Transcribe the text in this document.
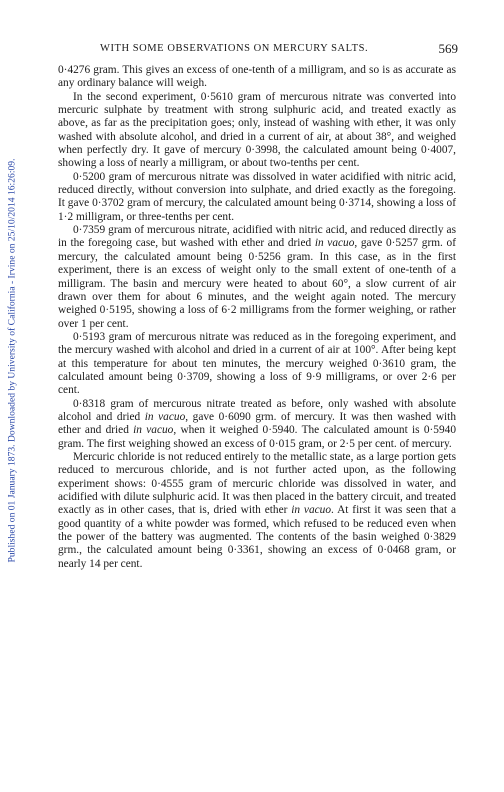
Published on 01 January 1873. Downloaded by University of California - Irvine on 25/10/2014 16:26:09.
WITH SOME OBSERVATIONS ON MERCURY SALTS.	569

0·4276 gram. This gives an excess of one-tenth of a milligram, and so is as accurate as any ordinary balance will weigh.

In the second experiment, 0·5610 gram of mercurous nitrate was converted into mercuric sulphate by treatment with strong sulphuric acid, and treated exactly as above, as far as the precipitation goes; only, instead of washing with ether, it was only washed with absolute alcohol, and dried in a current of air, at about 38°, and weighed when perfectly dry. It gave of mercury 0·3998, the calculated amount being 0·4007, showing a loss of nearly a milligram, or about two-tenths per cent.

0·5200 gram of mercurous nitrate was dissolved in water acidified with nitric acid, reduced directly, without conversion into sulphate, and dried exactly as the foregoing. It gave 0·3702 gram of mercury, the calculated amount being 0·3714, showing a loss of 1·2 milligram, or three-tenths per cent.

0·7359 gram of mercurous nitrate, acidified with nitric acid, and reduced directly as in the foregoing case, but washed with ether and dried in vacuo, gave 0·5257 grm. of mercury, the calculated amount being 0·5256 gram. In this case, as in the first experiment, there is an excess of weight only to the small extent of one-tenth of a milligram. The basin and mercury were heated to about 60°, a slow current of air drawn over them for about 6 minutes, and the weight again noted. The mercury weighed 0·5195, showing a loss of 6·2 milligrams from the former weighing, or rather over 1 per cent.

0·5193 gram of mercurous nitrate was reduced as in the foregoing experiment, and the mercury washed with alcohol and dried in a current of air at 100°. After being kept at this temperature for about ten minutes, the mercury weighed 0·3610 gram, the calculated amount being 0·3709, showing a loss of 9·9 milligrams, or over 2·6 per cent.

0·8318 gram of mercurous nitrate treated as before, only washed with absolute alcohol and dried in vacuo, gave 0·6090 grm. of mercury. It was then washed with ether and dried in vacuo, when it weighed 0·5940. The calculated amount is 0·5940 gram. The first weighing showed an excess of 0·015 gram, or 2·5 per cent. of mercury.

Mercuric chloride is not reduced entirely to the metallic state, as a large portion gets reduced to mercurous chloride, and is not further acted upon, as the following experiment shows: 0·4555 gram of mercuric chloride was dissolved in water, and acidified with dilute sulphuric acid. It was then placed in the battery circuit, and treated exactly as in other cases, that is, dried with ether in vacuo. At first it was seen that a good quantity of a white powder was formed, which refused to be reduced even when the power of the battery was augmented. The contents of the basin weighed 0·3829 grm., the calculated amount being 0·3361, showing an excess of 0·0468 gram, or nearly 14 per cent.
